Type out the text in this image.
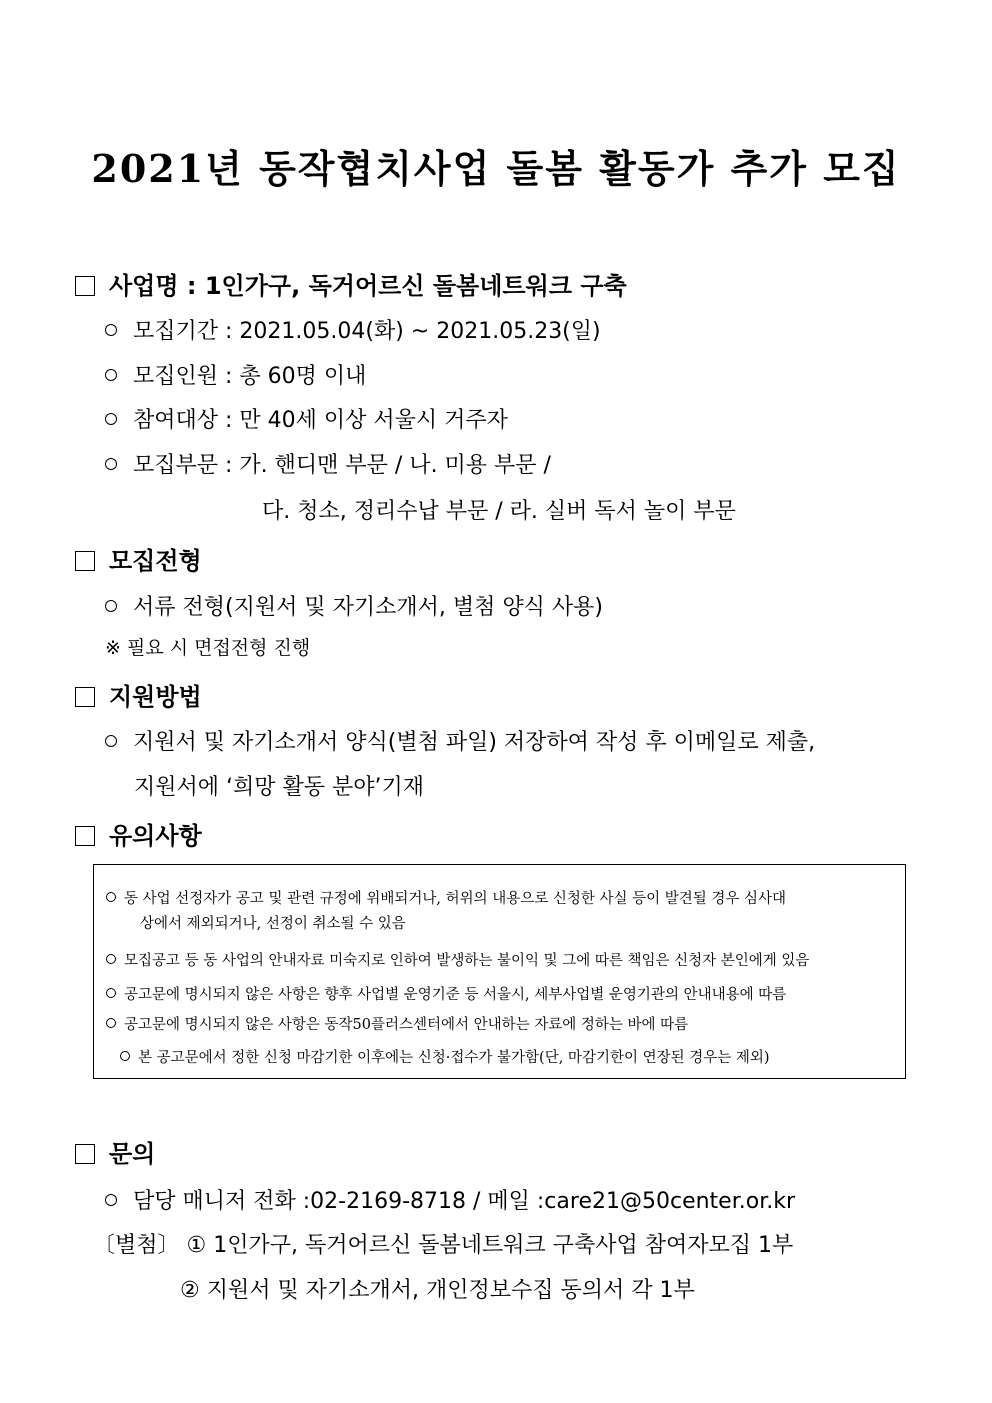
2021년 동작협치사업 돌봄 활동가 추가 모집
사업명 : 1인가구, 독거어르신 돌봄네트워크 구축
모집기간 : 2021.05.04(화) ~ 2021.05.23(일)
모집인원 : 총 60명 이내
참여대상 : 만 40세 이상 서울시 거주자
모집부문 : 가. 핸디맨 부문 / 나. 미용 부문 /
다. 청소, 정리수납 부문 / 라. 실버 독서 놀이 부문
모집전형
서류 전형(지원서 및 자기소개서, 별첨 양식 사용)
※ 필요 시 면접전형 진행
지원방법
지원서 및 자기소개서 양식(별첨 파일) 저장하여 작성 후 이메일로 제출,
지원서에 ‘희망 활동 분야’기재
유의사항
동 사업 선정자가 공고 및 관련 규정에 위배되거나, 허위의 내용으로 신청한 사실 등이 발견될 경우 심사대
상에서 제외되거나, 선정이 취소될 수 있음
모집공고 등 동 사업의 안내자료 미숙지로 인하여 발생하는 불이익 및 그에 따른 책임은 신청자 본인에게 있음
공고문에 명시되지 않은 사항은 향후 사업별 운영기준 등 서울시, 세부사업별 운영기관의 안내내용에 따름
공고문에 명시되지 않은 사항은 동작50플러스센터에서 안내하는 자료에 정하는 바에 따름
본 공고문에서 정한 신청 마감기한 이후에는 신청·접수가 불가함(단, 마감기한이 연장된 경우는 제외)
문의
담당 매니저 전화 :02-2169-8718 / 메일 :care21@50center.or.kr
〔별첨〕 ① 1인가구, 독거어르신 돌봄네트워크 구축사업 참여자모집 1부
② 지원서 및 자기소개서, 개인정보수집 동의서 각 1부
